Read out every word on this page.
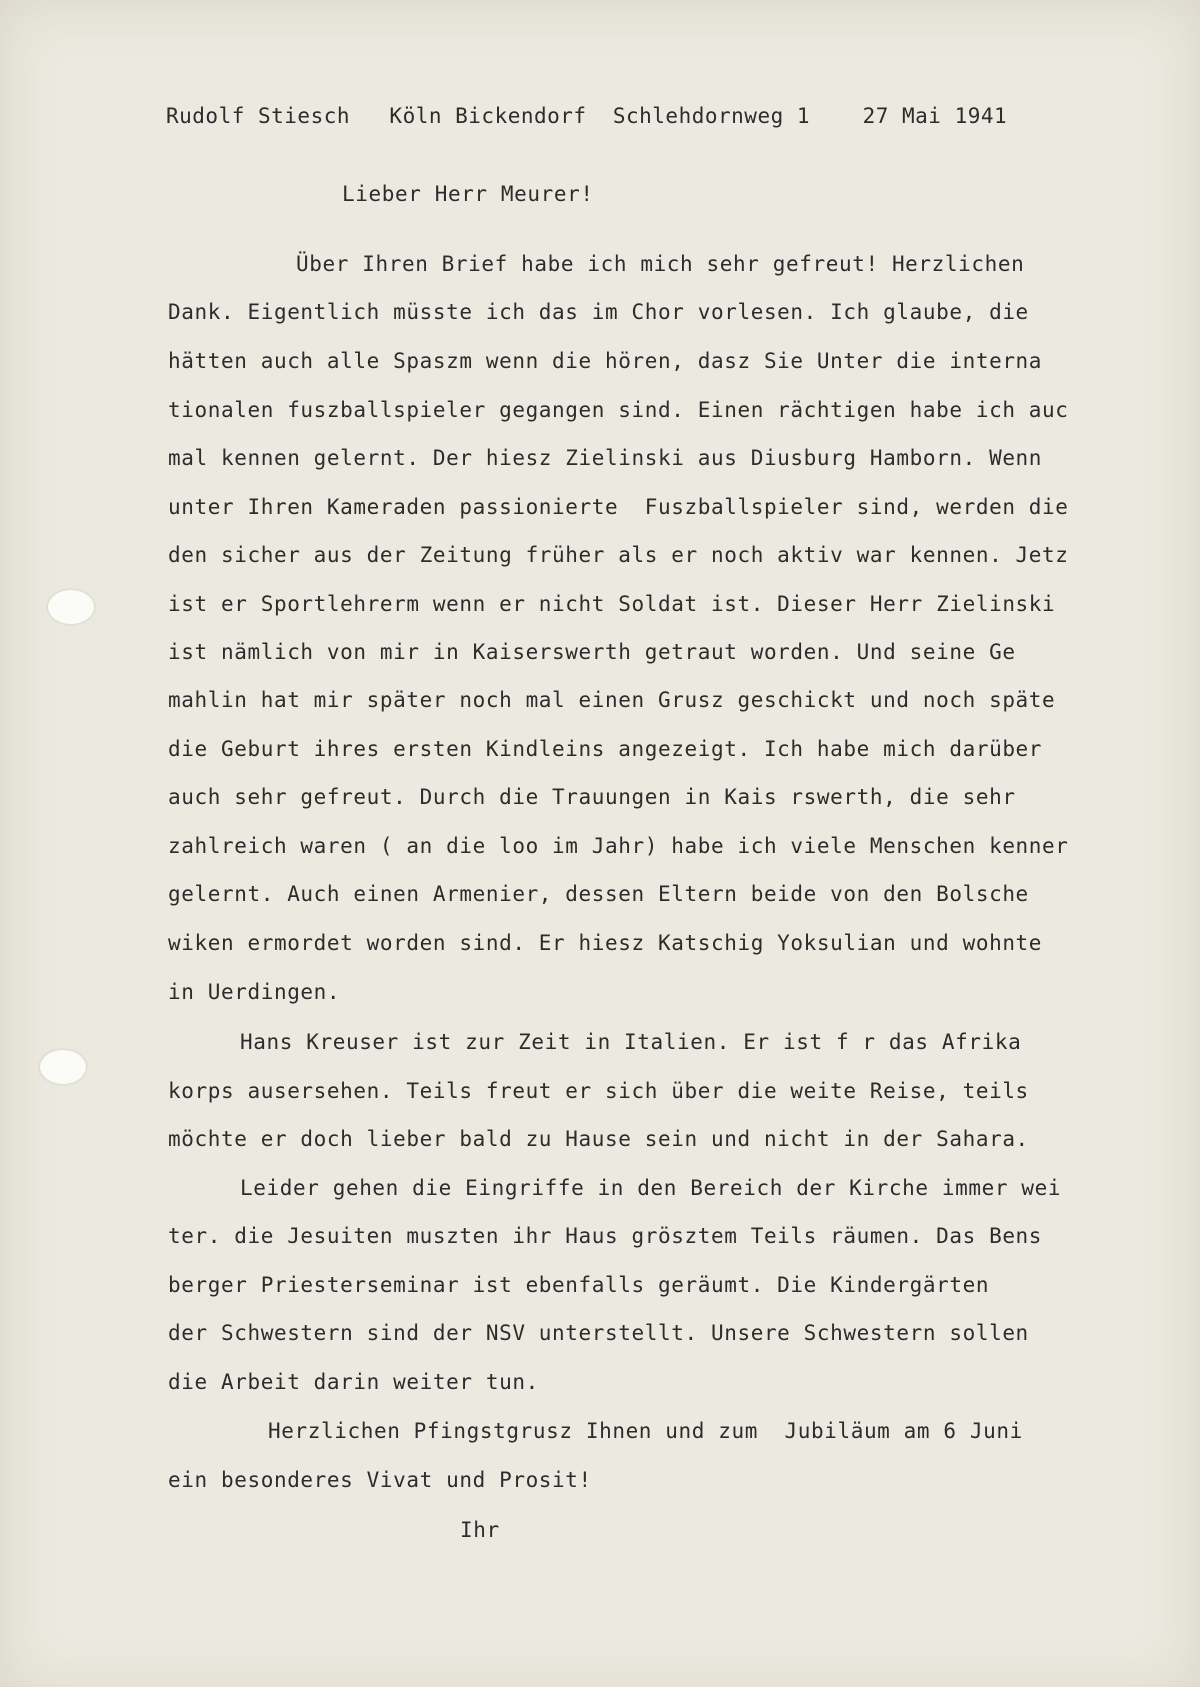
Rudolf Stiesch   Köln Bickendorf  Schlehdornweg 1    27 Mai 1941

Lieber Herr Meurer!

Über Ihren Brief habe ich mich sehr gefreut! Herzlichen

Dank. Eigentlich müsste ich das im Chor vorlesen. Ich glaube, die

hätten auch alle Spaszm wenn die hören, dasz Sie Unter die interna

tionalen fuszballspieler gegangen sind. Einen rächtigen habe ich auc

mal kennen gelernt. Der hiesz Zielinski aus Diusburg Hamborn. Wenn

unter Ihren Kameraden passionierte  Fuszballspieler sind, werden die

den sicher aus der Zeitung früher als er noch aktiv war kennen. Jetz

ist er Sportlehrerm wenn er nicht Soldat ist. Dieser Herr Zielinski

ist nämlich von mir in Kaiserswerth getraut worden. Und seine Ge

mahlin hat mir später noch mal einen Grusz geschickt und noch späte

die Geburt ihres ersten Kindleins angezeigt. Ich habe mich darüber

auch sehr gefreut. Durch die Trauungen in Kais rswerth, die sehr

zahlreich waren ( an die loo im Jahr) habe ich viele Menschen kenner

gelernt. Auch einen Armenier, dessen Eltern beide von den Bolsche

wiken ermordet worden sind. Er hiesz Katschig Yoksulian und wohnte

in Uerdingen.

Hans Kreuser ist zur Zeit in Italien. Er ist f r das Afrika

korps ausersehen. Teils freut er sich über die weite Reise, teils

möchte er doch lieber bald zu Hause sein und nicht in der Sahara.

Leider gehen die Eingriffe in den Bereich der Kirche immer wei

ter. die Jesuiten muszten ihr Haus grösztem Teils räumen. Das Bens

berger Priesterseminar ist ebenfalls geräumt. Die Kindergärten

der Schwestern sind der NSV unterstellt. Unsere Schwestern sollen

die Arbeit darin weiter tun.

Herzlichen Pfingstgrusz Ihnen und zum  Jubiläum am 6 Juni

ein besonderes Vivat und Prosit!

Ihr
